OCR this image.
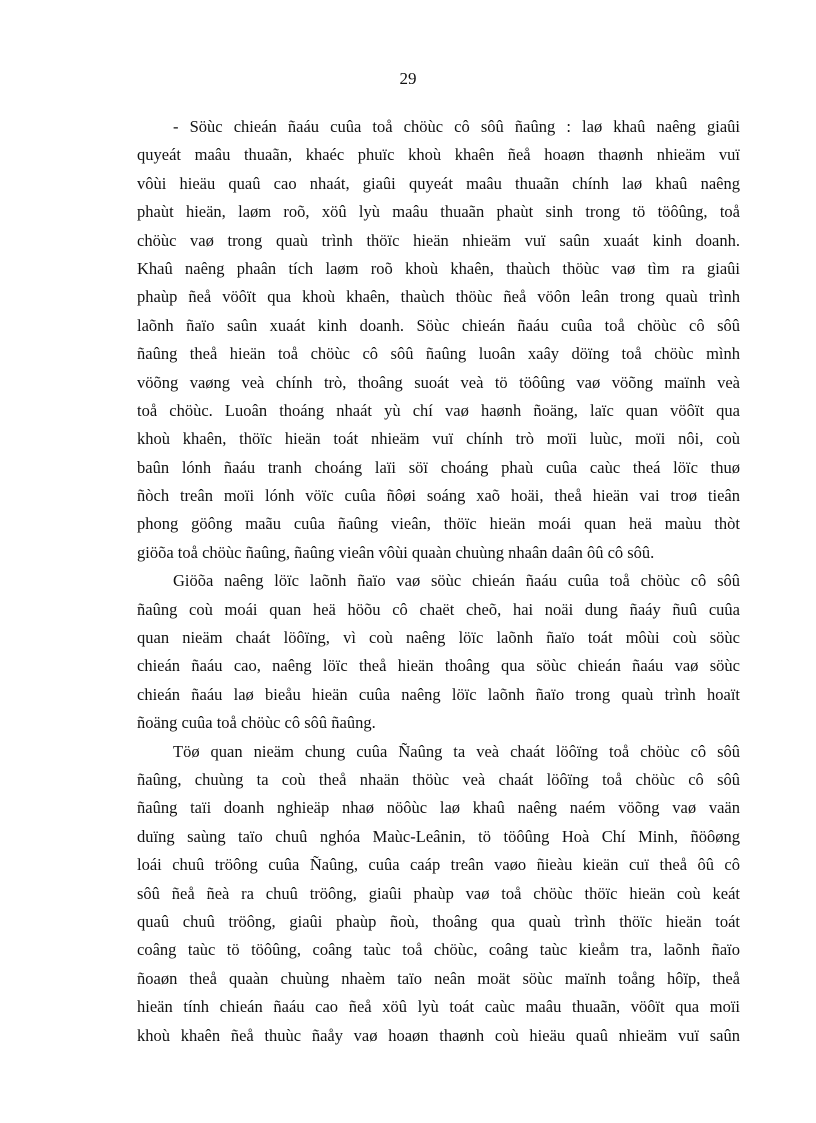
29
- Söùc chieán ñaáu cuûa toå chöùc cô sôû ñaûng : laø khaû naêng giaûi
quyeát maâu thuaãn, khaéc phuïc khoù khaên ñeå hoaøn thaønh nhieäm vuï
vôùi hieäu quaû cao nhaát, giaûi quyeát maâu thuaãn chính laø khaû naêng
phaùt hieän, laøm roõ, xöû lyù maâu thuaãn phaùt sinh trong tö töôûng, toå
chöùc vaø trong quaù trình thöïc hieän nhieäm vuï saûn xuaát kinh doanh.
Khaû naêng phaân tích laøm roõ khoù khaên, thaùch thöùc vaø tìm ra giaûi
phaùp ñeå vöôït qua khoù khaên, thaùch thöùc ñeå vöôn leân trong quaù trình
laõnh ñaïo saûn xuaát kinh doanh. Söùc chieán ñaáu cuûa toå chöùc cô sôû
ñaûng theå hieän toå chöùc cô sôû ñaûng luoân xaây döïng toå chöùc mình
vöõng vaøng veà chính trò, thoâng suoát veà tö töôûng vaø vöõng maïnh veà
toå chöùc. Luoân thoáng nhaát yù chí vaø haønh ñoäng, laïc quan vöôït qua
khoù khaên, thöïc hieän toát nhieäm vuï chính trò moïi luùc, moïi nôi, coù
baûn lónh ñaáu tranh choáng laïi söï choáng phaù cuûa caùc theá löïc thuø
ñòch treân moïi lónh vöïc cuûa ñôøi soáng xaõ hoäi, theå hieän vai troø tieân
phong göông maãu cuûa ñaûng vieân, thöïc hieän moái quan heä maùu thòt
giöõa toå chöùc ñaûng, ñaûng vieân vôùi quaàn chuùng nhaân daân ôû cô sôû.
Giöõa naêng löïc laõnh ñaïo vaø söùc chieán ñaáu cuûa toå chöùc cô sôû
ñaûng coù moái quan heä höõu cô chaët cheõ, hai noäi dung ñaáy ñuû cuûa
quan nieäm chaát löôïng, vì coù naêng löïc laõnh ñaïo toát môùi coù söùc
chieán ñaáu cao, naêng löïc theå hieän thoâng qua söùc chieán ñaáu vaø söùc
chieán ñaáu laø bieåu hieän cuûa naêng löïc laõnh ñaïo trong quaù trình hoaït
ñoäng cuûa toå chöùc cô sôû ñaûng.
Töø quan nieäm chung cuûa Ñaûng ta veà chaát löôïng toå chöùc cô sôû
ñaûng, chuùng ta coù theå nhaän thöùc veà chaát löôïng toå chöùc cô sôû
ñaûng taïi doanh nghieäp nhaø nöôùc laø khaû naêng naém vöõng vaø vaän
duïng saùng taïo chuû nghóa Maùc-Leânin, tö töôûng Hoà Chí Minh, ñöôøng
loái chuû tröông cuûa Ñaûng, cuûa caáp treân vaøo ñieàu kieän cuï theå ôû cô
sôû ñeå ñeà ra chuû tröông, giaûi phaùp vaø toå chöùc thöïc hieän coù keát
quaû chuû tröông, giaûi phaùp ñoù, thoâng qua quaù trình thöïc hieän toát
coâng taùc tö töôûng, coâng taùc toå chöùc, coâng taùc kieåm tra, laõnh ñaïo
ñoaøn theå quaàn chuùng nhaèm taïo neân moät söùc maïnh toång hôïp, theå
hieän tính chieán ñaáu cao ñeå xöû lyù toát caùc maâu thuaãn, vöôït qua moïi
khoù khaên ñeå thuùc ñaåy vaø hoaøn thaønh coù hieäu quaû nhieäm vuï saûn
